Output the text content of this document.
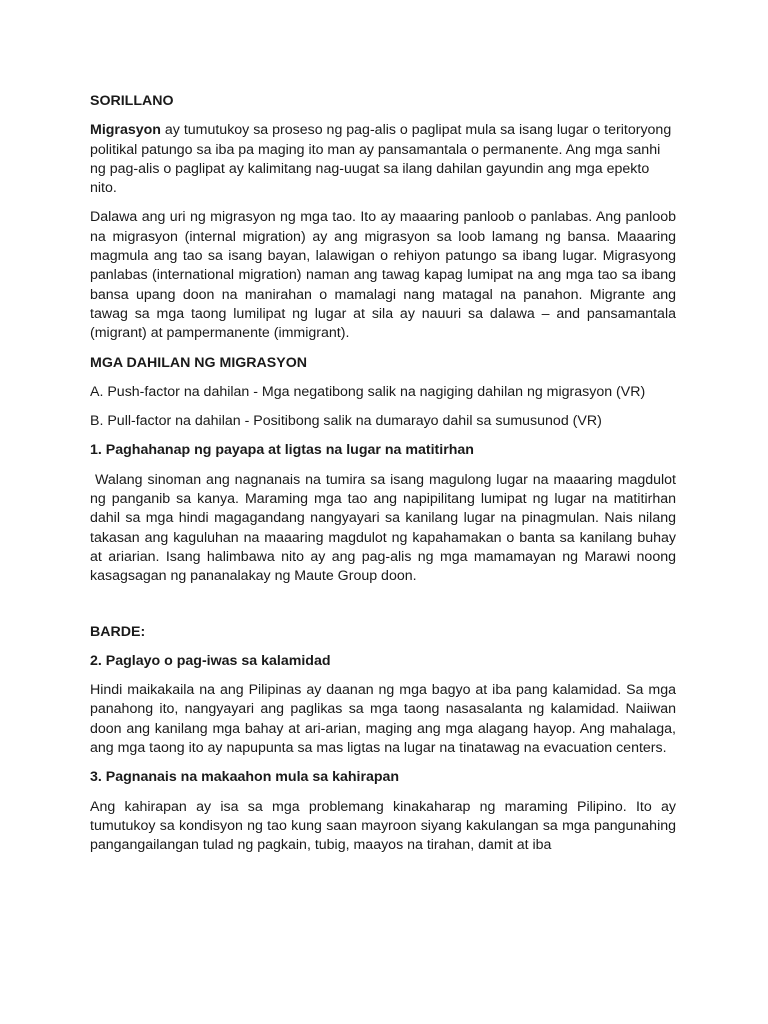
SORILLANO

Migrasyon ay tumutukoy sa proseso ng pag-alis o paglipat mula sa isang lugar o teritoryong politikal patungo sa iba pa maging ito man ay pansamantala o permanente. Ang mga sanhi ng pag-alis o paglipat ay kalimitang nag-uugat sa ilang dahilan gayundin ang mga epekto nito.

Dalawa ang uri ng migrasyon ng mga tao. Ito ay maaaring panloob o panlabas. Ang panloob na migrasyon (internal migration) ay ang migrasyon sa loob lamang ng bansa. Maaaring magmula ang tao sa isang bayan, lalawigan o rehiyon patungo sa ibang lugar. Migrasyong panlabas (international migration) naman ang tawag kapag lumipat na ang mga tao sa ibang bansa upang doon na manirahan o mamalagi nang matagal na panahon. Migrante ang tawag sa mga taong lumilipat ng lugar at sila ay nauuri sa dalawa – and pansamantala (migrant) at pampermanente (immigrant).

MGA DAHILAN NG MIGRASYON

A. Push-factor na dahilan - Mga negatibong salik na nagiging dahilan ng migrasyon (VR)

B. Pull-factor na dahilan - Positibong salik na dumarayo dahil sa sumusunod (VR)

1. Paghahanap ng payapa at ligtas na lugar na matitirhan

Walang sinoman ang nagnanais na tumira sa isang magulong lugar na maaaring magdulot ng panganib sa kanya. Maraming mga tao ang napipilitang lumipat ng lugar na matitirhan dahil sa mga hindi magagandang nangyayari sa kanilang lugar na pinagmulan. Nais nilang takasan ang kaguluhan na maaaring magdulot ng kapahamakan o banta sa kanilang buhay at ariarian. Isang halimbawa nito ay ang pag-alis ng mga mamamayan ng Marawi noong kasagsagan ng pananalakay ng Maute Group doon.

BARDE:

2. Paglayo o pag-iwas sa kalamidad

Hindi maikakaila na ang Pilipinas ay daanan ng mga bagyo at iba pang kalamidad. Sa mga panahong ito, nangyayari ang paglikas sa mga taong nasasalanta ng kalamidad. Naiiwan doon ang kanilang mga bahay at ari-arian, maging ang mga alagang hayop. Ang mahalaga, ang mga taong ito ay napupunta sa mas ligtas na lugar na tinatawag na evacuation centers.

3. Pagnanais na makaahon mula sa kahirapan

Ang kahirapan ay isa sa mga problemang kinakaharap ng maraming Pilipino. Ito ay tumutukoy sa kondisyon ng tao kung saan mayroon siyang kakulangan sa mga pangunahing pangangailangan tulad ng pagkain, tubig, maayos na tirahan, damit at iba
